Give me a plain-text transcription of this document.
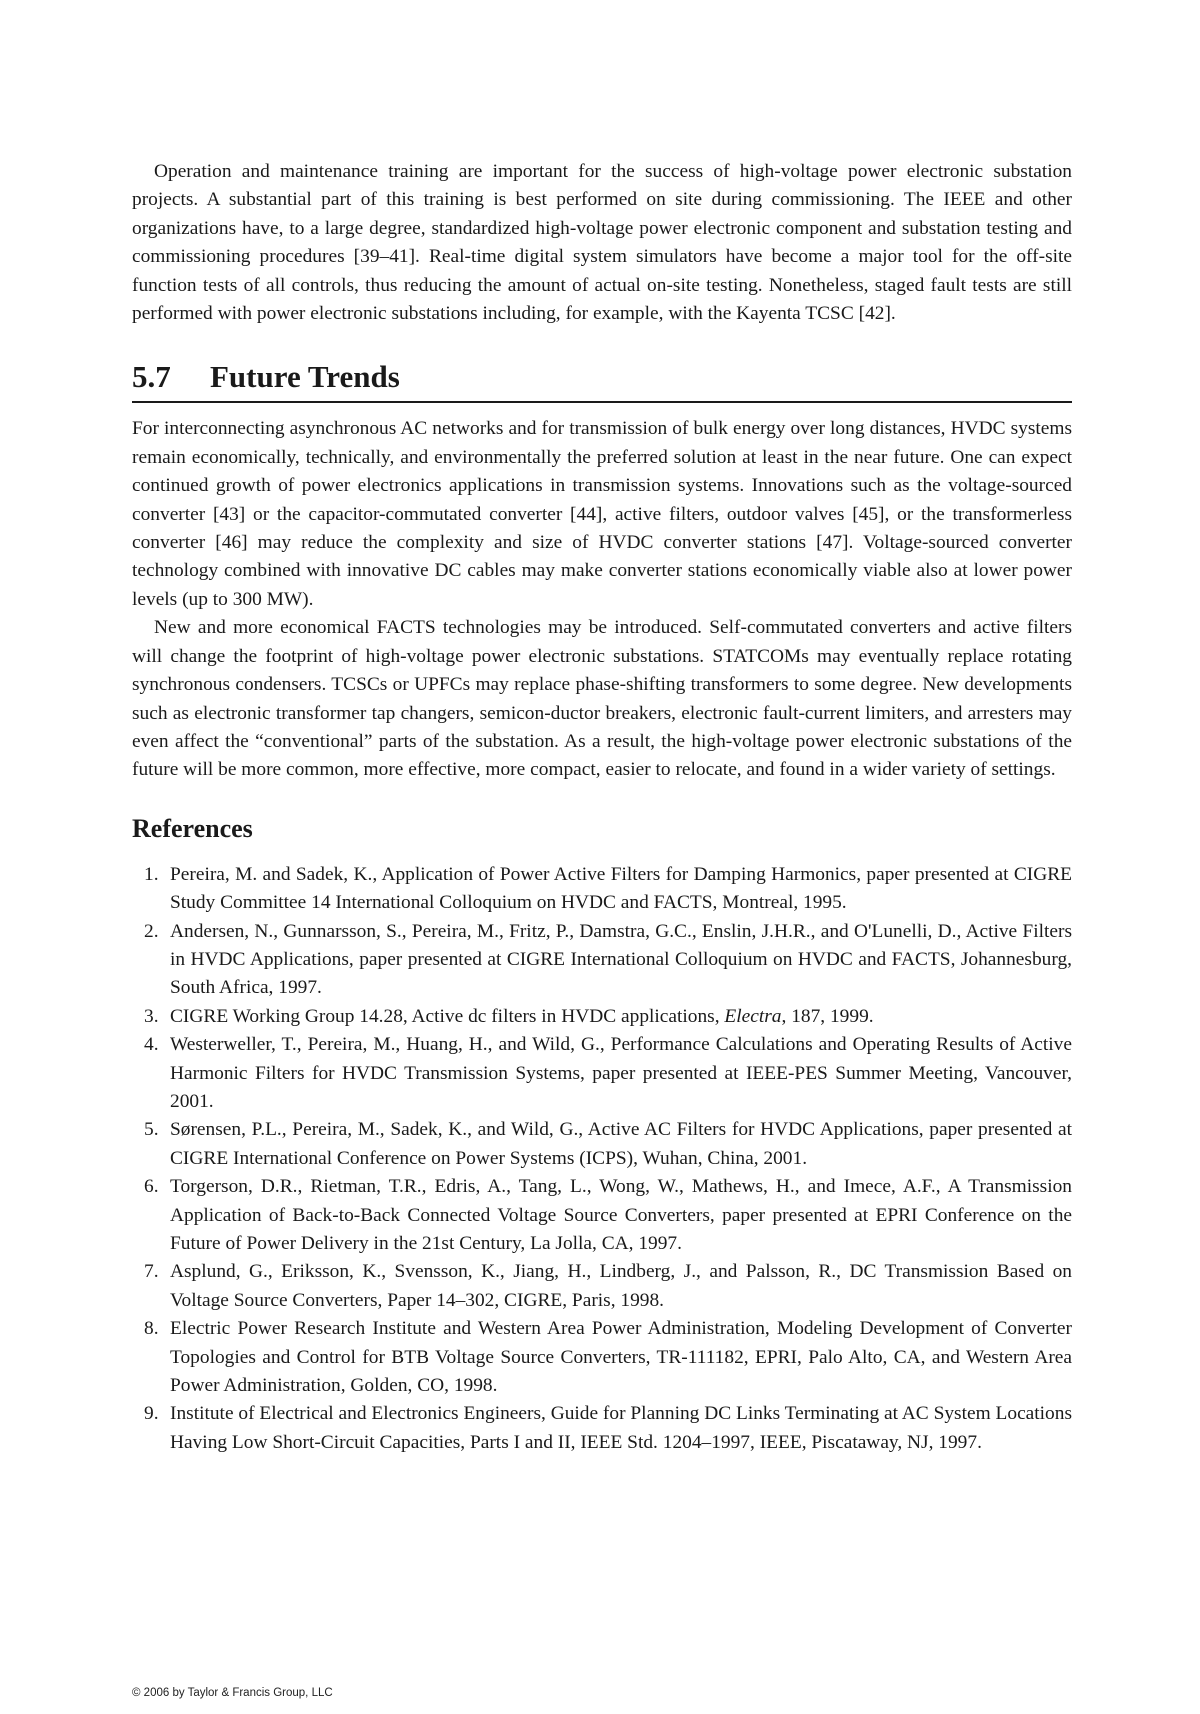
Operation and maintenance training are important for the success of high-voltage power electronic substation projects. A substantial part of this training is best performed on site during commissioning. The IEEE and other organizations have, to a large degree, standardized high-voltage power electronic component and substation testing and commissioning procedures [39–41]. Real-time digital system simulators have become a major tool for the off-site function tests of all controls, thus reducing the amount of actual on-site testing. Nonetheless, staged fault tests are still performed with power electronic substations including, for example, with the Kayenta TCSC [42].

5.7 Future Trends

For interconnecting asynchronous AC networks and for transmission of bulk energy over long distances, HVDC systems remain economically, technically, and environmentally the preferred solution at least in the near future. One can expect continued growth of power electronics applications in transmission systems. Innovations such as the voltage-sourced converter [43] or the capacitor-commutated converter [44], active filters, outdoor valves [45], or the transformerless converter [46] may reduce the complexity and size of HVDC converter stations [47]. Voltage-sourced converter technology combined with innovative DC cables may make converter stations economically viable also at lower power levels (up to 300 MW).

New and more economical FACTS technologies may be introduced. Self-commutated converters and active filters will change the footprint of high-voltage power electronic substations. STATCOMs may eventually replace rotating synchronous condensers. TCSCs or UPFCs may replace phase-shifting transformers to some degree. New developments such as electronic transformer tap changers, semicon-ductor breakers, electronic fault-current limiters, and arresters may even affect the “conventional” parts of the substation. As a result, the high-voltage power electronic substations of the future will be more common, more effective, more compact, easier to relocate, and found in a wider variety of settings.

References
1. Pereira, M. and Sadek, K., Application of Power Active Filters for Damping Harmonics, paper presented at CIGRE Study Committee 14 International Colloquium on HVDC and FACTS, Montreal, 1995.
2. Andersen, N., Gunnarsson, S., Pereira, M., Fritz, P., Damstra, G.C., Enslin, J.H.R., and O'Lunelli, D., Active Filters in HVDC Applications, paper presented at CIGRE International Colloquium on HVDC and FACTS, Johannesburg, South Africa, 1997.
3. CIGRE Working Group 14.28, Active dc filters in HVDC applications, Electra, 187, 1999.
4. Westerweller, T., Pereira, M., Huang, H., and Wild, G., Performance Calculations and Operating Results of Active Harmonic Filters for HVDC Transmission Systems, paper presented at IEEE-PES Summer Meeting, Vancouver, 2001.
5. Sørensen, P.L., Pereira, M., Sadek, K., and Wild, G., Active AC Filters for HVDC Applications, paper presented at CIGRE International Conference on Power Systems (ICPS), Wuhan, China, 2001.
6. Torgerson, D.R., Rietman, T.R., Edris, A., Tang, L., Wong, W., Mathews, H., and Imece, A.F., A Transmission Application of Back-to-Back Connected Voltage Source Converters, paper presented at EPRI Conference on the Future of Power Delivery in the 21st Century, La Jolla, CA, 1997.
7. Asplund, G., Eriksson, K., Svensson, K., Jiang, H., Lindberg, J., and Palsson, R., DC Transmission Based on Voltage Source Converters, Paper 14–302, CIGRE, Paris, 1998.
8. Electric Power Research Institute and Western Area Power Administration, Modeling Development of Converter Topologies and Control for BTB Voltage Source Converters, TR-111182, EPRI, Palo Alto, CA, and Western Area Power Administration, Golden, CO, 1998.
9. Institute of Electrical and Electronics Engineers, Guide for Planning DC Links Terminating at AC System Locations Having Low Short-Circuit Capacities, Parts I and II, IEEE Std. 1204–1997, IEEE, Piscataway, NJ, 1997.
© 2006 by Taylor & Francis Group, LLC
